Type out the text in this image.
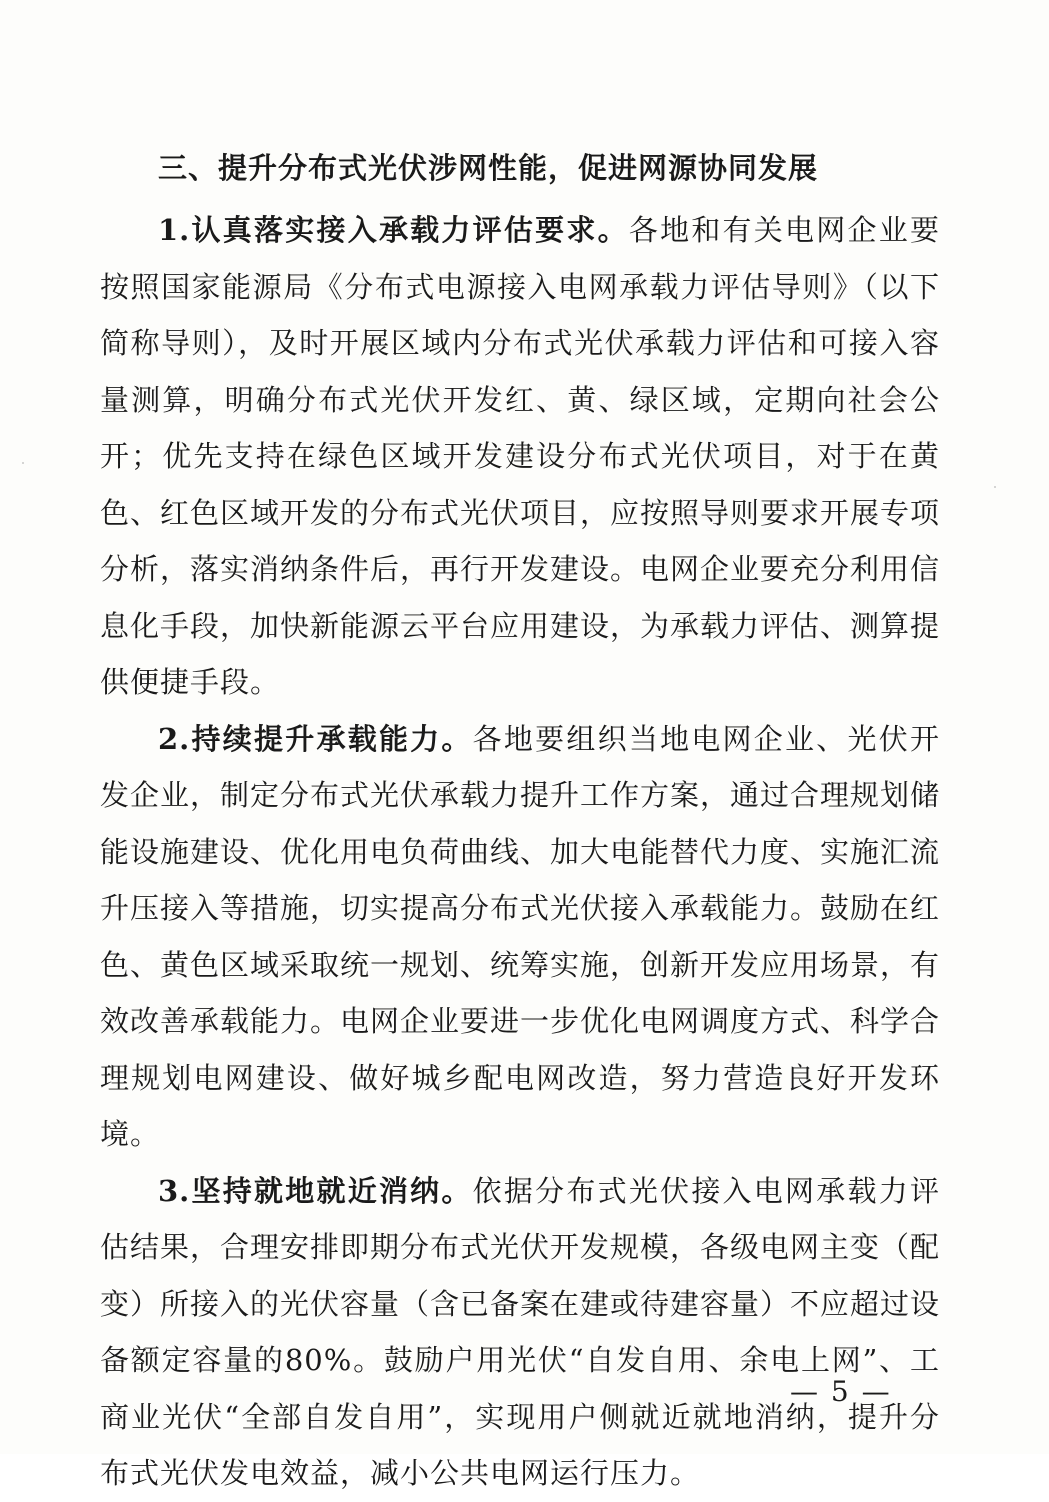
三、提升分布式光伏涉网性能，促进网源协同发展

1.认真落实接入承载力评估要求。各地和有关电网企业要按照国家能源局《分布式电源接入电网承载力评估导则》（以下简称导则），及时开展区域内分布式光伏承载力评估和可接入容量测算，明确分布式光伏开发红、黄、绿区域，定期向社会公开；优先支持在绿色区域开发建设分布式光伏项目，对于在黄色、红色区域开发的分布式光伏项目，应按照导则要求开展专项分析，落实消纳条件后，再行开发建设。电网企业要充分利用信息化手段，加快新能源云平台应用建设，为承载力评估、测算提供便捷手段。

2.持续提升承载能力。各地要组织当地电网企业、光伏开发企业，制定分布式光伏承载力提升工作方案，通过合理规划储能设施建设、优化用电负荷曲线、加大电能替代力度、实施汇流升压接入等措施，切实提高分布式光伏接入承载能力。鼓励在红色、黄色区域采取统一规划、统筹实施，创新开发应用场景，有效改善承载能力。电网企业要进一步优化电网调度方式、科学合理规划电网建设、做好城乡配电网改造，努力营造良好开发环境。

3.坚持就地就近消纳。依据分布式光伏接入电网承载力评估结果，合理安排即期分布式光伏开发规模，各级电网主变（配变）所接入的光伏容量（含已备案在建或待建容量）不应超过设备额定容量的80%。鼓励户用光伏“自发自用、余电上网”、工商业光伏“全部自发自用”，实现用户侧就近就地消纳，提升分布式光伏发电效益，减小公共电网运行压力。

— 5 —
